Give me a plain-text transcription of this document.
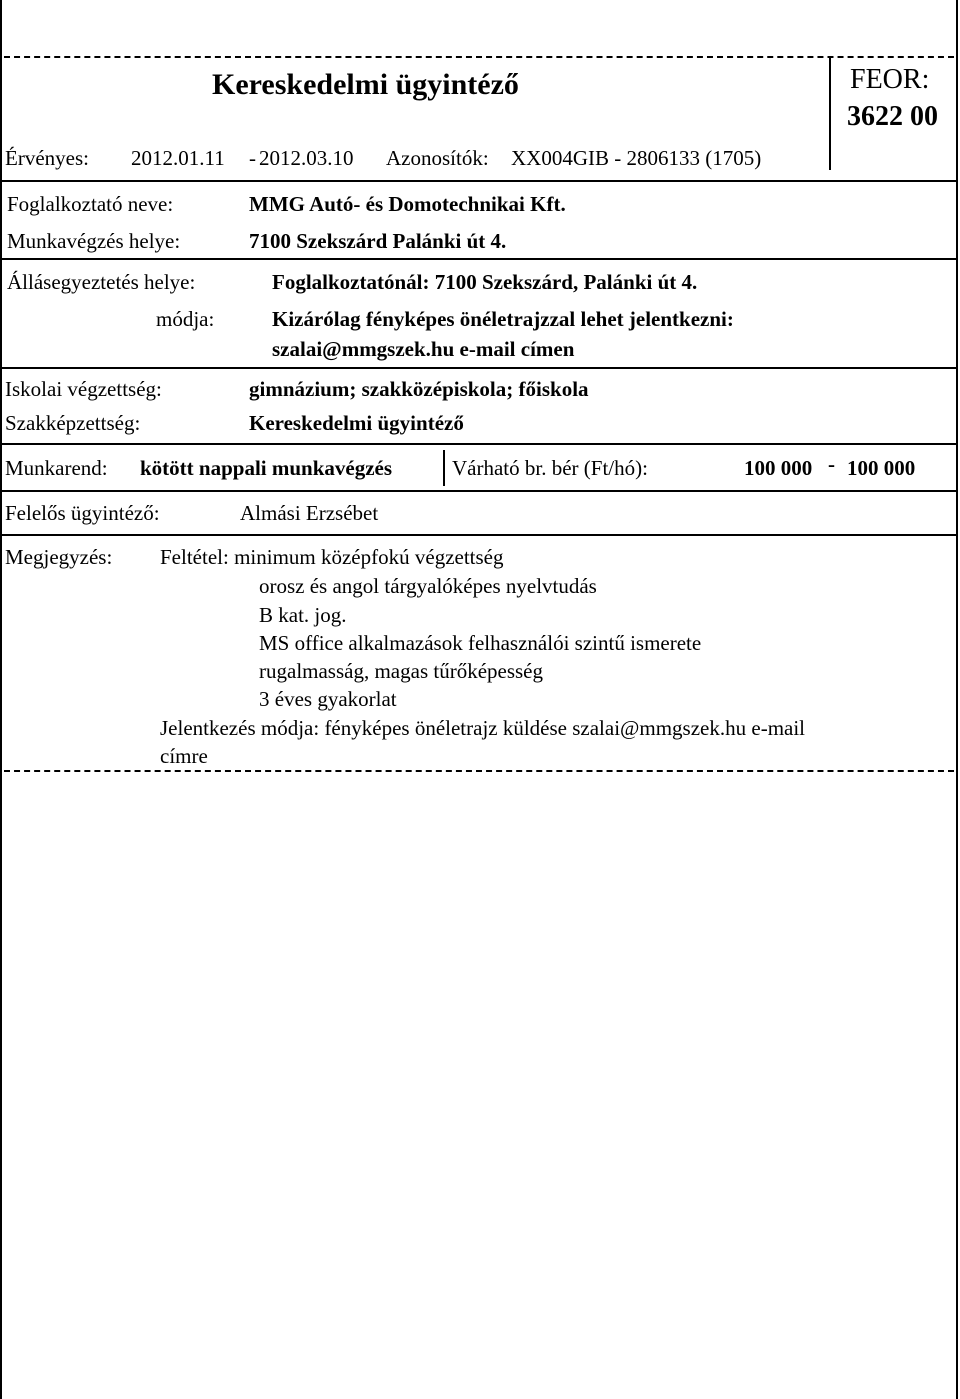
Kereskedelmi ügyintéző	FEOR:
3622 00
Érvényes: 2012.01.11 - 2012.03.10 Azonosítók: XX004GIB - 2806133 (1705)
Foglalkoztató neve:	MMG Autó- és Domotechnikai Kft.
Munkavégzés helye:	7100 Szekszárd Palánki út 4.
Állásegyeztetés helye:	Foglalkoztatónál: 7100 Szekszárd, Palánki út 4.
módja:	Kizárólag fényképes önéletrajzzal lehet jelentkezni:
szalai@mmgszek.hu e-mail címen
Iskolai végzettség:	gimnázium; szakközépiskola; főiskola
Szakképzettség:	Kereskedelmi ügyintéző
Munkarend: kötött nappali munkavégzés	Várható br. bér (Ft/hó):	100 000 - 100 000
Felelős ügyintéző:	Almási Erzsébet
Megjegyzés: Feltétel: minimum középfokú végzettség
orosz és angol tárgyalóképes nyelvtudás
B kat. jog.
MS office alkalmazások felhasználói szintű ismerete
rugalmasság, magas tűrőképesség
3 éves gyakorlat
Jelentkezés módja: fényképes önéletrajz küldése szalai@mmgszek.hu e-mail
címre
